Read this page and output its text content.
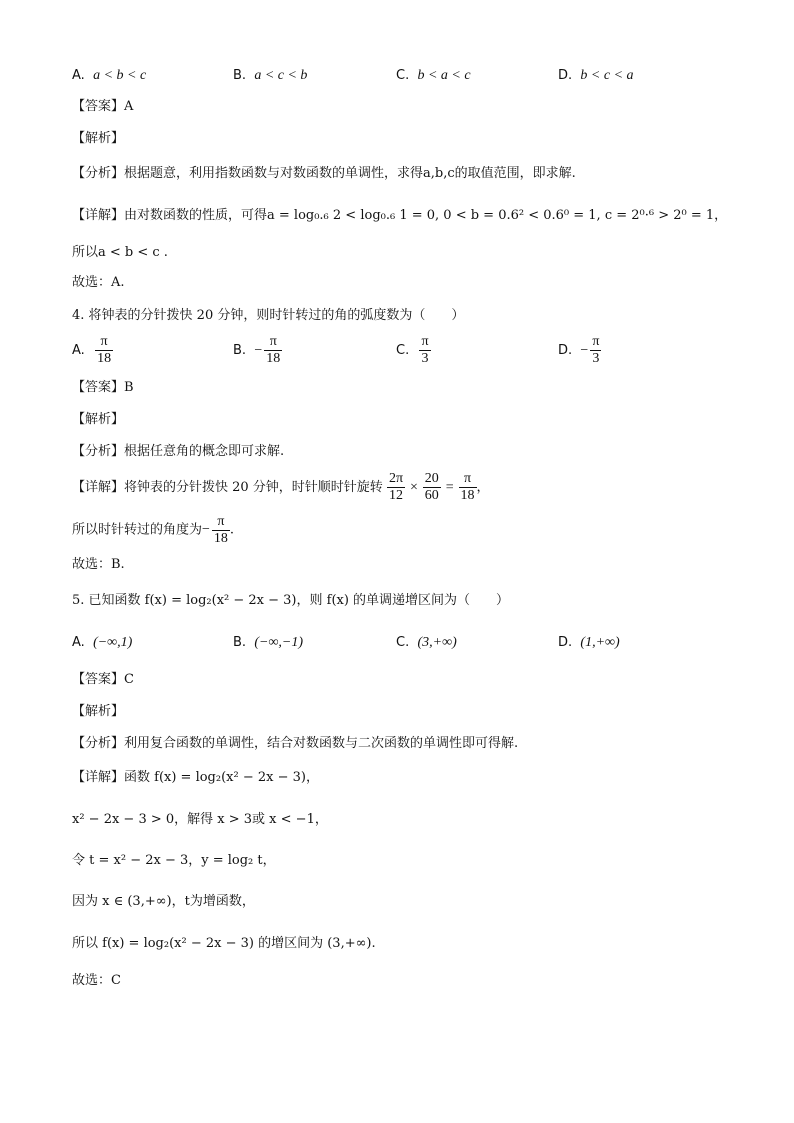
A. a < b < c	B. a < c < b	C. b < a < c	D. b < c < a
【答案】A
【解析】
【分析】根据题意，利用指数函数与对数函数的单调性，求得a,b,c的取值范围，即求解.
【详解】由对数函数的性质，可得a = log₀.₆ 2 < log₀.₆ 1 = 0, 0 < b = 0.6² < 0.6⁰ = 1, c = 2⁰·⁶ > 2⁰ = 1，
所以a < b < c .
故选：A.
4. 将钟表的分针拨快 20 分钟，则时针转过的角的弧度数为（　　）
A. $\frac{\pi}{18}$	B. − $\frac{\pi}{18}$	C. $\frac{\pi}{3}$	D. − $\frac{\pi}{3}$
【答案】B
【解析】
【分析】根据任意角的概念即可求解.
【详解】将钟表的分针拨快 20 分钟，时针顺时针旋转 $\frac{2\pi}{12} \times \frac{20}{60} = \frac{\pi}{18}$ ，
所以时针转过的角度为− $\frac{\pi}{18}$ .
故选：B.
5. 已知函数 f(x) = log₂(x² − 2x − 3)，则 f(x) 的单调递增区间为（　　）
A. (−∞,1)	B. (−∞,−1)	C. (3,+∞)	D. (1,+∞)
【答案】C
【解析】
【分析】利用复合函数的单调性，结合对数函数与二次函数的单调性即可得解.
【详解】函数 f(x) = log₂(x² − 2x − 3)，
x² − 2x − 3 > 0，解得 x > 3或 x < −1，
令 t = x² − 2x − 3，y = log₂ t，
因为 x ∈ (3,+∞)，t为增函数，
所以 f(x) = log₂(x² − 2x − 3) 的增区间为 (3,+∞).
故选：C
